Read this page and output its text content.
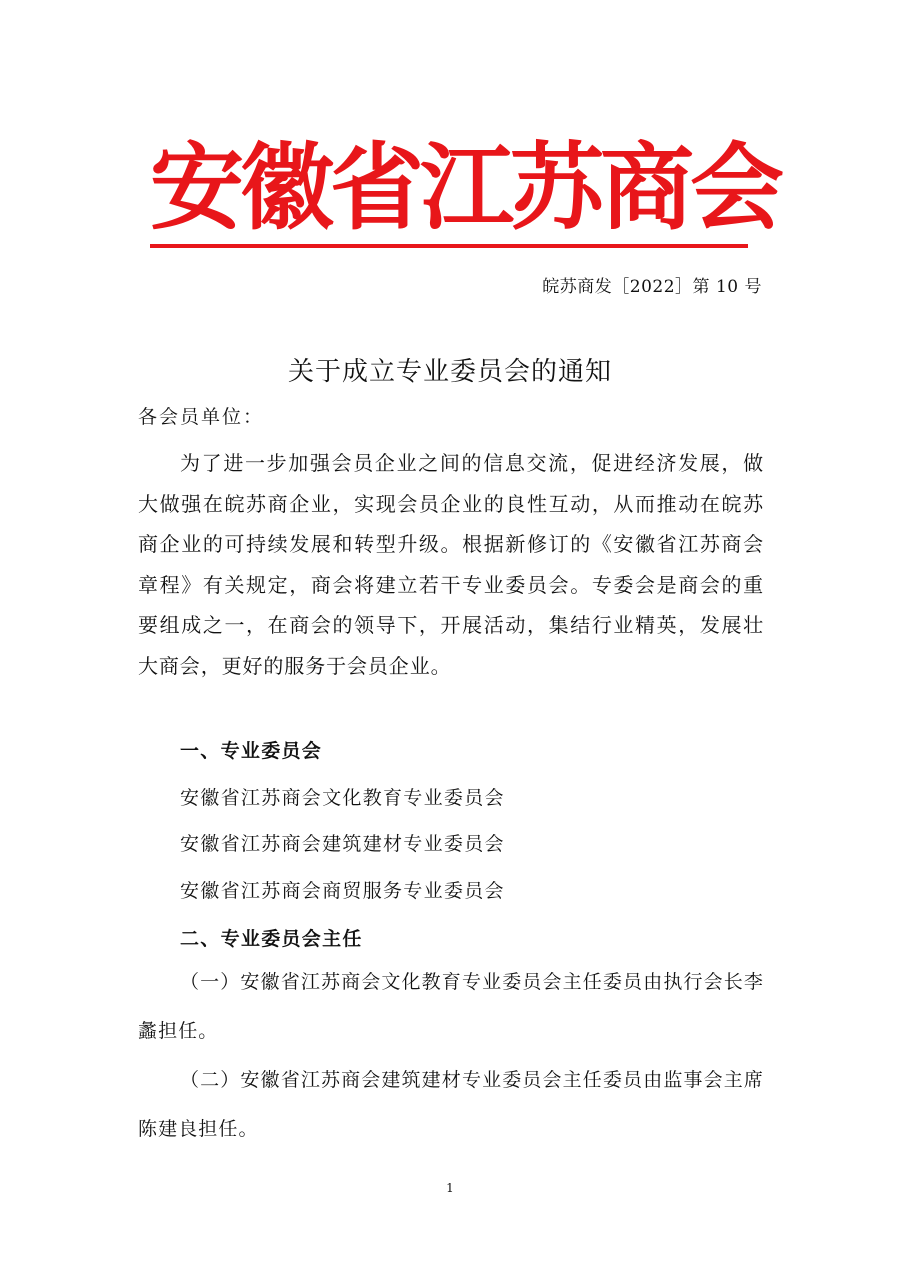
安徽省江苏商会
皖苏商发［2022］第 10 号
关于成立专业委员会的通知
各会员单位：
为了进一步加强会员企业之间的信息交流，促进经济发展，做大做强在皖苏商企业，实现会员企业的良性互动，从而推动在皖苏商企业的可持续发展和转型升级。根据新修订的《安徽省江苏商会章程》有关规定，商会将建立若干专业委员会。专委会是商会的重要组成之一，在商会的领导下，开展活动，集结行业精英，发展壮大商会，更好的服务于会员企业。
一、专业委员会
安徽省江苏商会文化教育专业委员会
安徽省江苏商会建筑建材专业委员会
安徽省江苏商会商贸服务专业委员会
二、专业委员会主任
（一）安徽省江苏商会文化教育专业委员会主任委员由执行会长李蠡担任。
（二）安徽省江苏商会建筑建材专业委员会主任委员由监事会主席陈建良担任。
1
